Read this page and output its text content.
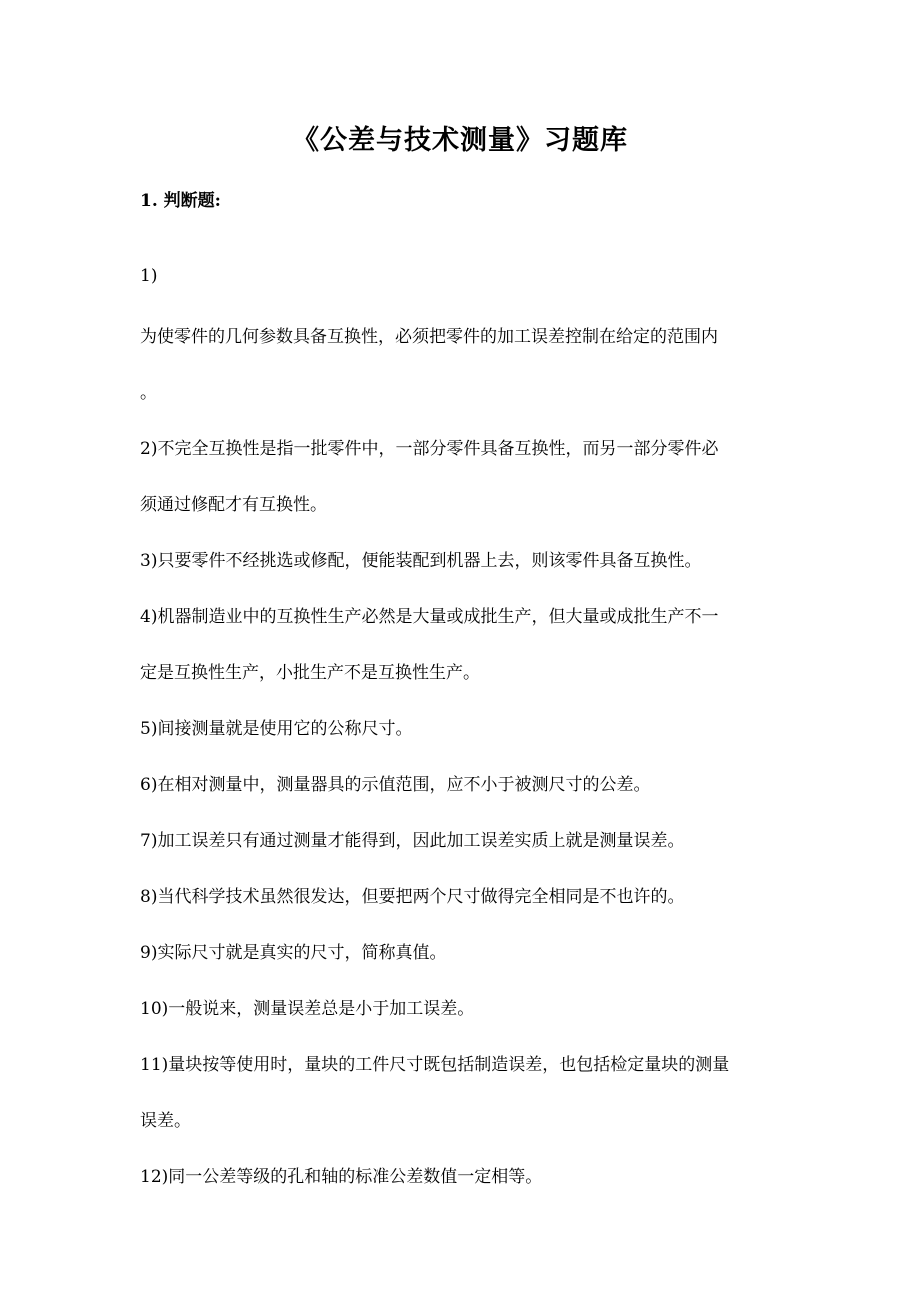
《公差与技术测量》习题库
1. 判断题:
1)
为使零件的几何参数具备互换性，必须把零件的加工误差控制在给定的范围内
。
2)不完全互换性是指一批零件中，一部分零件具备互换性，而另一部分零件必
须通过修配才有互换性。
3)只要零件不经挑选或修配，便能装配到机器上去，则该零件具备互换性。
4)机器制造业中的互换性生产必然是大量或成批生产，但大量或成批生产不一
定是互换性生产，小批生产不是互换性生产。
5)间接测量就是使用它的公称尺寸。
6)在相对测量中，测量器具的示值范围，应不小于被测尺寸的公差。
7)加工误差只有通过测量才能得到，因此加工误差实质上就是测量误差。
8)当代科学技术虽然很发达，但要把两个尺寸做得完全相同是不也许的。
9)实际尺寸就是真实的尺寸，简称真值。
10)一般说来，测量误差总是小于加工误差。
11)量块按等使用时，量块的工件尺寸既包括制造误差，也包括检定量块的测量
误差。
12)同一公差等级的孔和轴的标准公差数值一定相等。
